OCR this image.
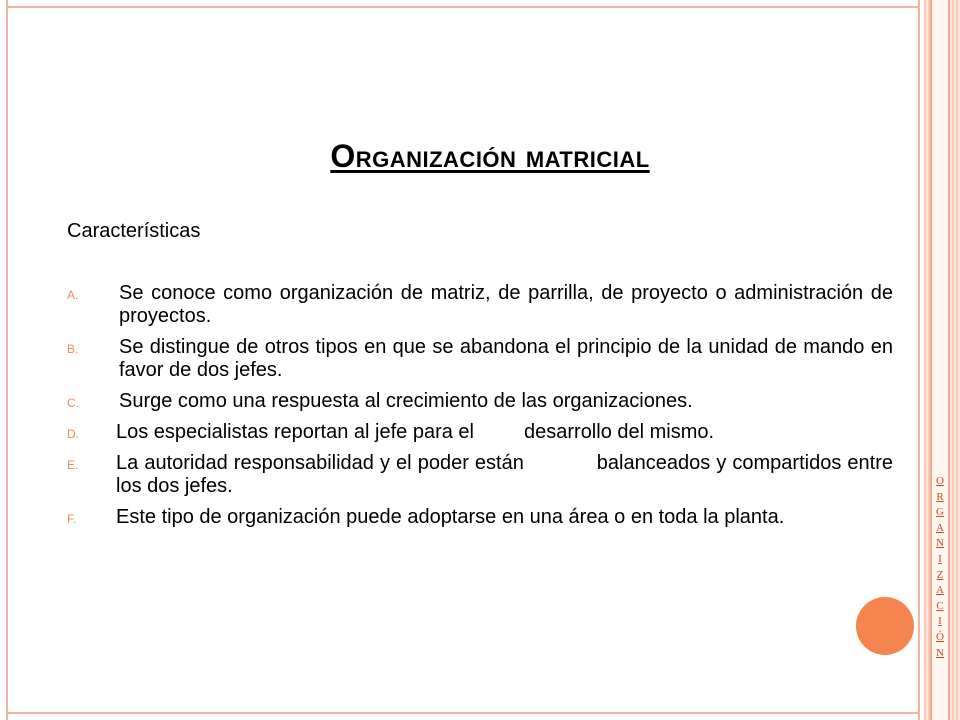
O
R
G
A
N
I
Z
A
C
I
Ó
N
Organización matricial
Características
A.	Se conoce como organización de matriz, de parrilla, de proyecto o administración de proyectos.
B.	Se distingue de otros tipos en que se abandona el principio de la unidad de mando en favor de dos jefes.
C.	Surge como una respuesta al crecimiento de las organizaciones.
D.	Los especialistas reportan al jefe para el         desarrollo del mismo.
E.	La autoridad responsabilidad y el poder están            balanceados y compartidos entre los dos jefes.
F.	Este tipo de organización puede adoptarse en una área o en toda la planta.
